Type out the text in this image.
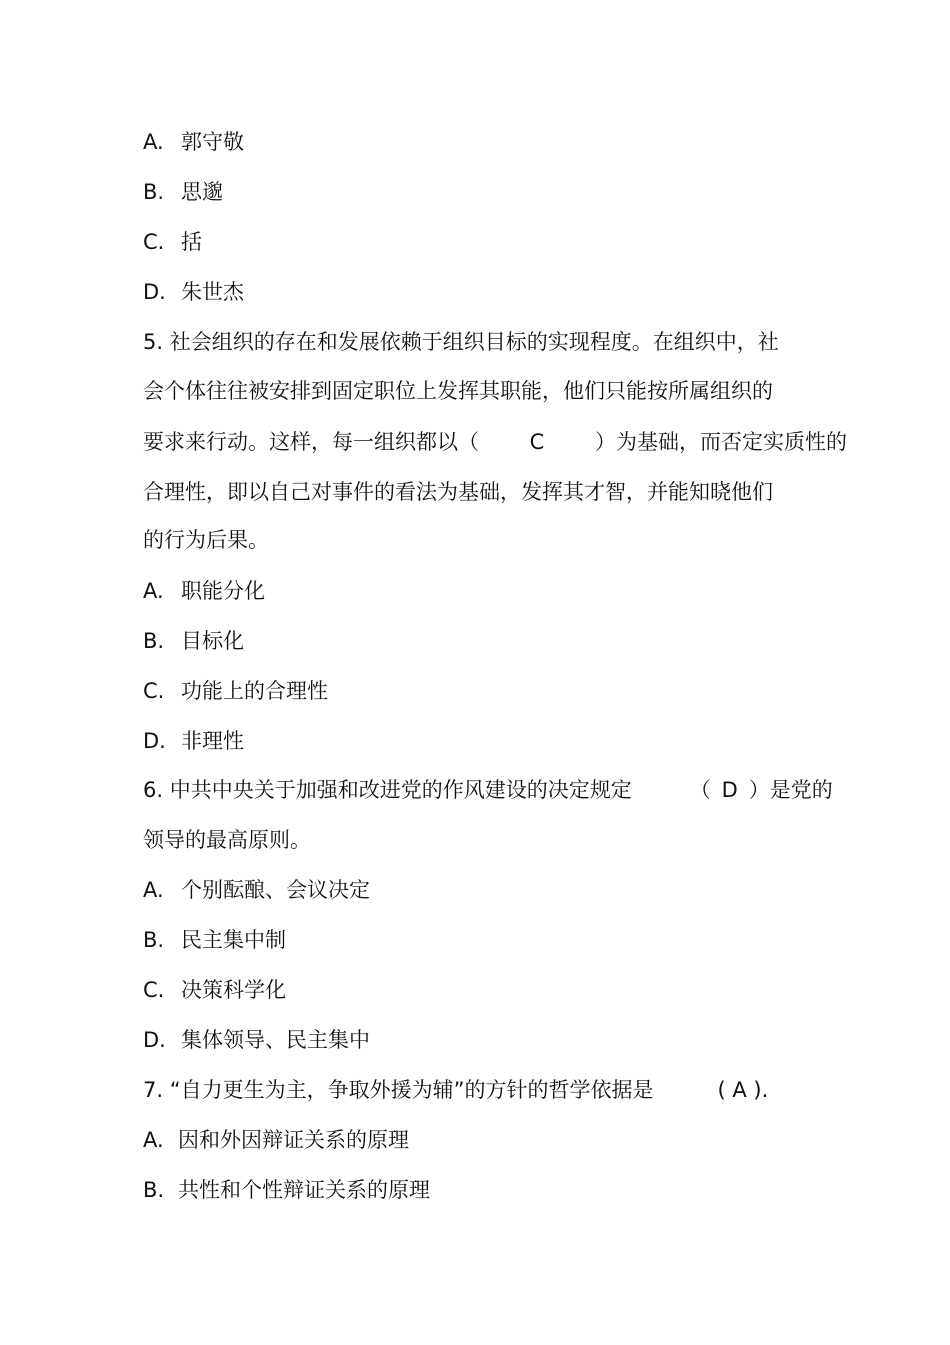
A. 郭守敬
B. 思邈
C. 括
D. 朱世杰
5. 社会组织的存在和发展依赖于组织目标的实现程度。在组织中，社
会个体往往被安排到固定职位上发挥其职能，他们只能按所属组织的
要求来行动。这样，每一组织都以（ C ）为基础，而否定实质性的
合理性，即以自己对事件的看法为基础，发挥其才智，并能知晓他们
的行为后果。
A. 职能分化
B. 目标化
C. 功能上的合理性
D. 非理性
6. 中共中央关于加强和改进党的作风建设的决定规定	（ D ）是党的
领导的最高原则。
A. 个别酝酿、会议决定
B. 民主集中制
C. 决策科学化
D. 集体领导、民主集中
7. “自力更生为主，争取外援为辅”的方针的哲学依据是	( A ).
A. 因和外因辩证关系的原理
B. 共性和个性辩证关系的原理
